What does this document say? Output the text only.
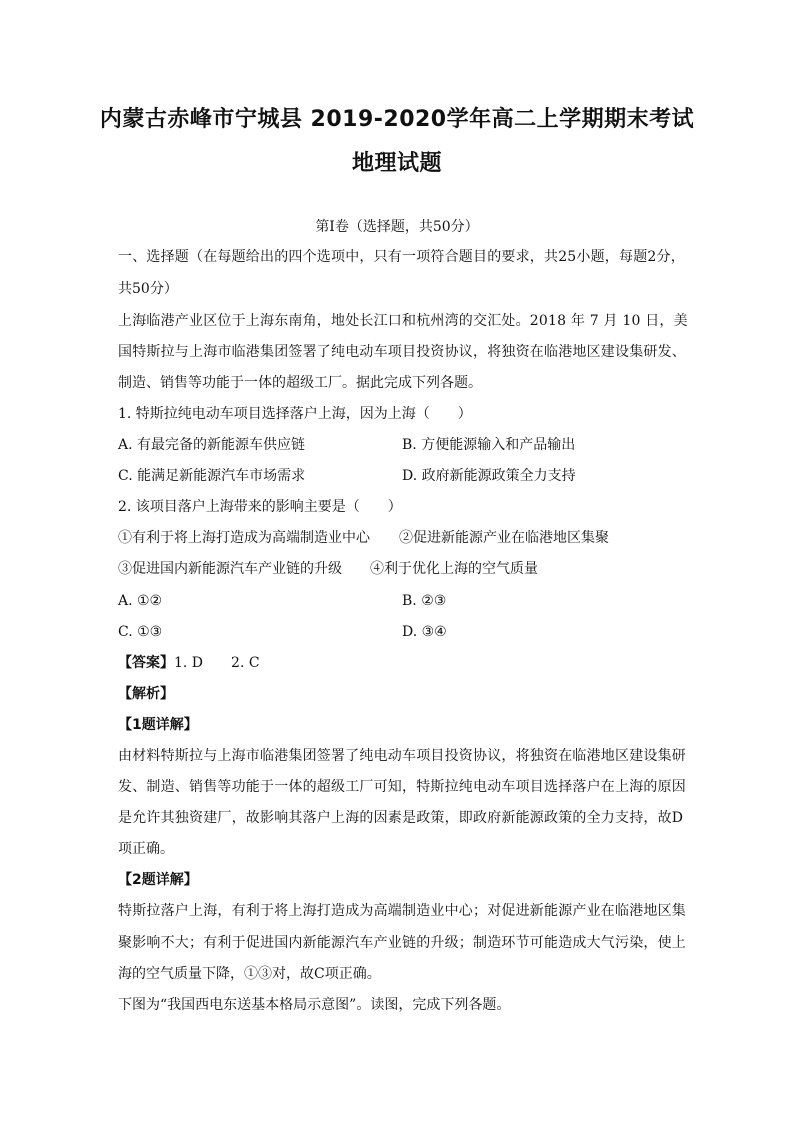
内蒙古赤峰市宁城县 2019-2020学年高二上学期期末考试
地理试题
第Ⅰ卷（选择题，共50分）
一、选择题（在每题给出的四个选项中，只有一项符合题目的要求，共25小题，每题2分，
共50分）
上海临港产业区位于上海东南角，地处长江口和杭州湾的交汇处。2018 年 7 月 10 日，美
国特斯拉与上海市临港集团签署了纯电动车项目投资协议，将独资在临港地区建设集研发、
制造、销售等功能于一体的超级工厂。据此完成下列各题。
1. 特斯拉纯电动车项目选择落户上海，因为上海（　　）
A. 有最完备的新能源车供应链	B. 方便能源输入和产品输出
C. 能满足新能源汽车市场需求	D. 政府新能源政策全力支持
2. 该项目落户上海带来的影响主要是（　　）
①有利于将上海打造成为高端制造业中心 ②促进新能源产业在临港地区集聚
③促进国内新能源汽车产业链的升级 ④利于优化上海的空气质量
A. ①②	B. ②③
C. ①③	D. ③④
【答案】1. D　　2. C
【解析】
【1题详解】
由材料特斯拉与上海市临港集团签署了纯电动车项目投资协议，将独资在临港地区建设集研
发、制造、销售等功能于一体的超级工厂可知，特斯拉纯电动车项目选择落户在上海的原因
是允许其独资建厂，故影响其落户上海的因素是政策，即政府新能源政策的全力支持，故D
项正确。
【2题详解】
特斯拉落户上海，有利于将上海打造成为高端制造业中心；对促进新能源产业在临港地区集
聚影响不大；有利于促进国内新能源汽车产业链的升级；制造环节可能造成大气污染，使上
海的空气质量下降，①③对，故C项正确。
下图为“我国西电东送基本格局示意图”。读图，完成下列各题。
